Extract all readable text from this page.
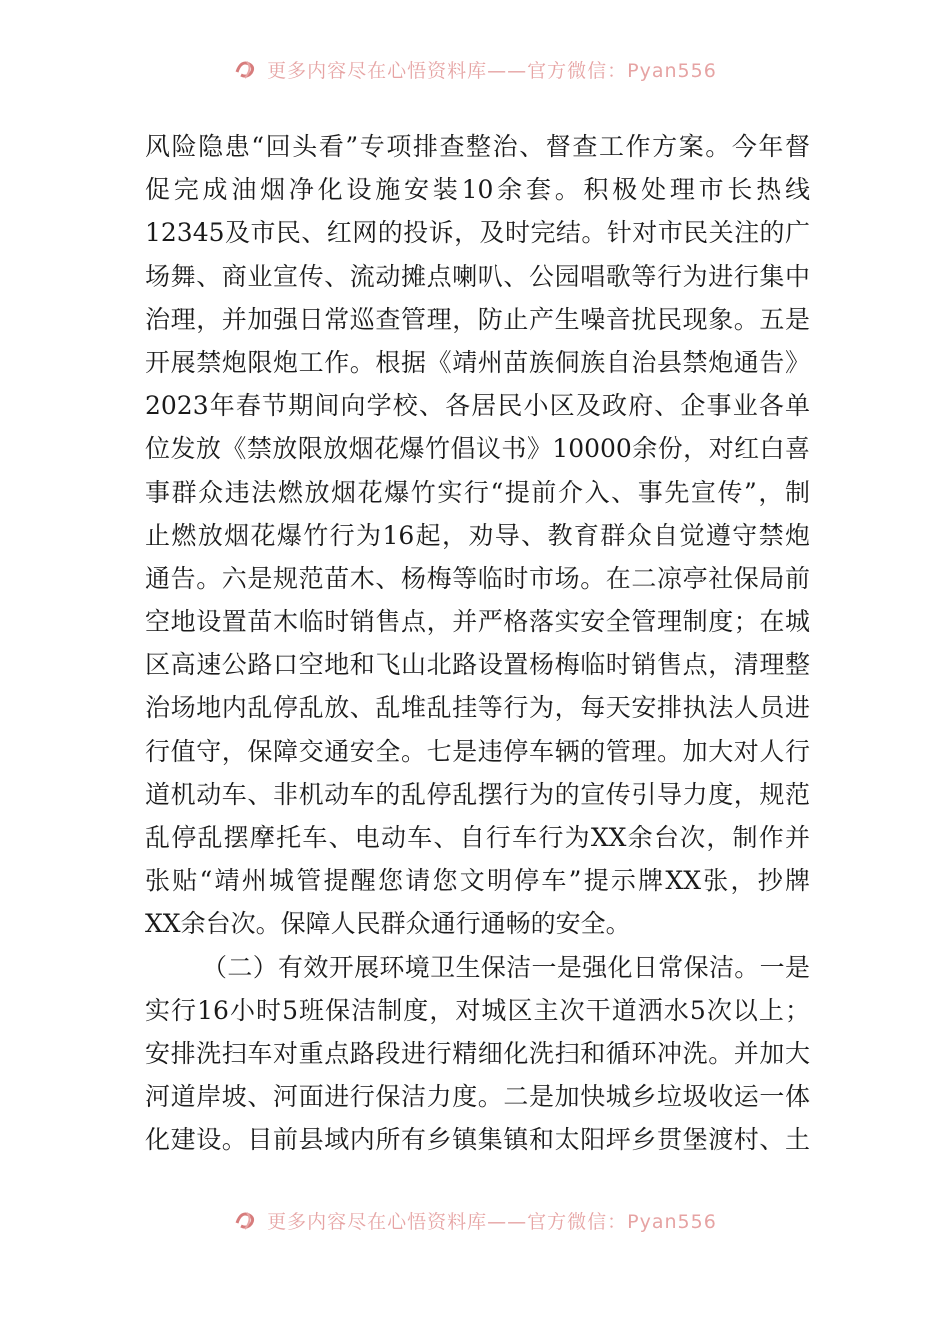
更多内容尽在心悟资料库——官方微信：Pyan556
风险隐患“回头看”专项排查整治、督查工作方案。今年督
促完成油烟净化设施安装10余套。积极处理市长热线
12345及市民、红网的投诉，及时完结。针对市民关注的广
场舞、商业宣传、流动摊点喇叭、公园唱歌等行为进行集中
治理，并加强日常巡查管理，防止产生噪音扰民现象。五是
开展禁炮限炮工作。根据《靖州苗族侗族自治县禁炮通告》
2023年春节期间向学校、各居民小区及政府、企事业各单
位发放《禁放限放烟花爆竹倡议书》10000余份，对红白喜
事群众违法燃放烟花爆竹实行“提前介入、事先宣传”，制
止燃放烟花爆竹行为16起，劝导、教育群众自觉遵守禁炮
通告。六是规范苗木、杨梅等临时市场。在二凉亭社保局前
空地设置苗木临时销售点，并严格落实安全管理制度；在城
区高速公路口空地和飞山北路设置杨梅临时销售点，清理整
治场地内乱停乱放、乱堆乱挂等行为，每天安排执法人员进
行值守，保障交通安全。七是违停车辆的管理。加大对人行
道机动车、非机动车的乱停乱摆行为的宣传引导力度，规范
乱停乱摆摩托车、电动车、自行车行为XX余台次，制作并
张贴“靖州城管提醒您请您文明停车”提示牌XX张，抄牌
XX余台次。保障人民群众通行通畅的安全。
（二）有效开展环境卫生保洁一是强化日常保洁。一是
实行16小时5班保洁制度，对城区主次干道洒水5次以上；
安排洗扫车对重点路段进行精细化洗扫和循环冲洗。并加大
河道岸坡、河面进行保洁力度。二是加快城乡垃圾收运一体
化建设。目前县域内所有乡镇集镇和太阳坪乡贯堡渡村、土
更多内容尽在心悟资料库——官方微信：Pyan556
